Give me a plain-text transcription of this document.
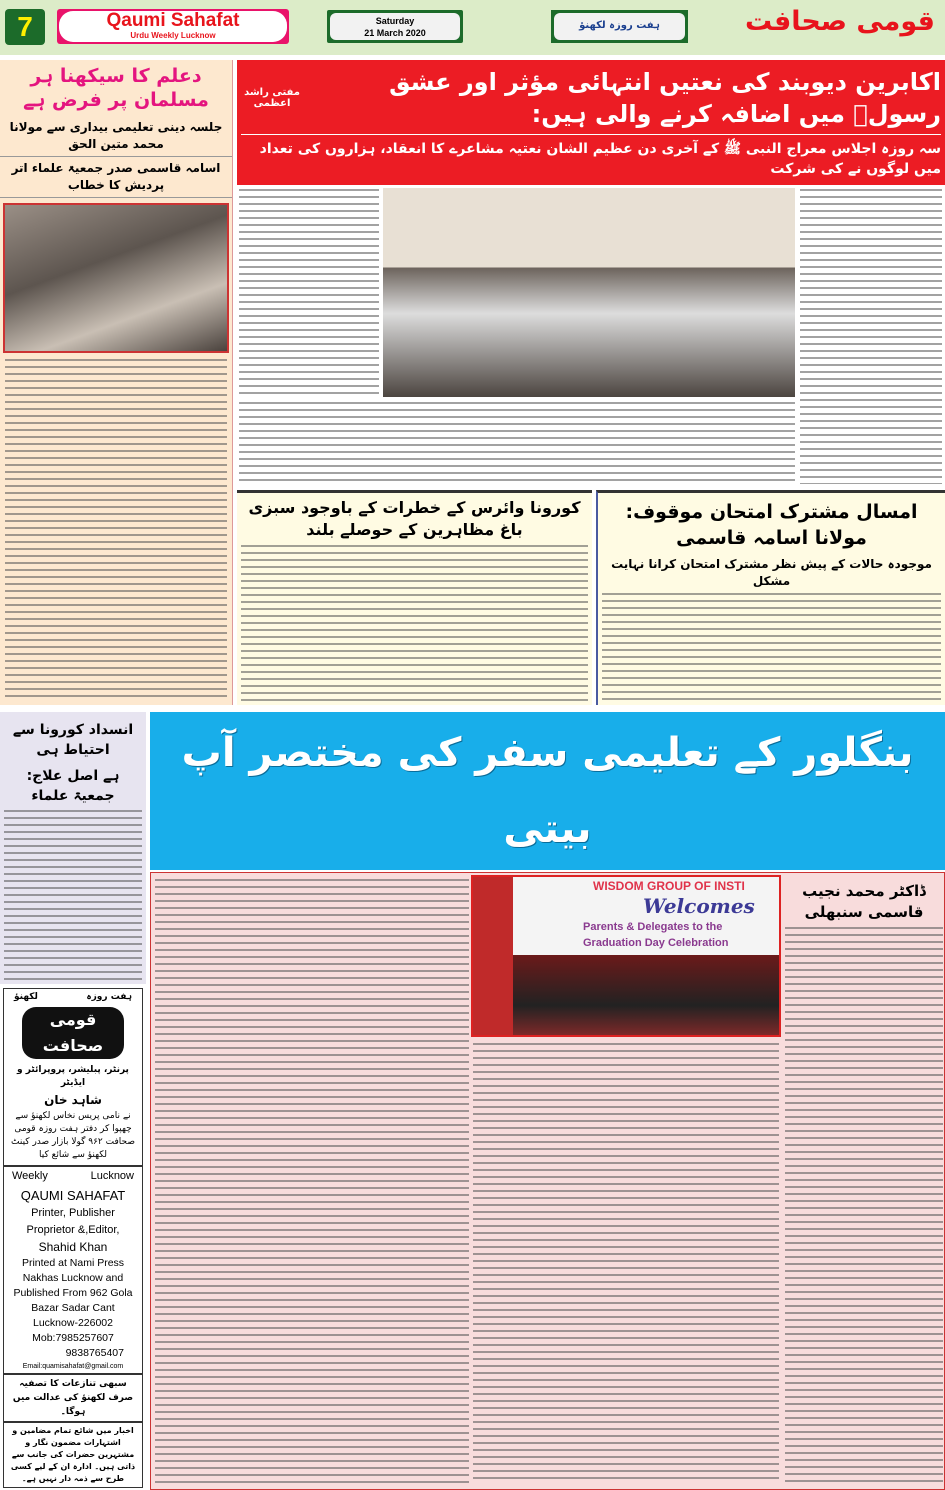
7	Qaumi Sahafat
Urdu Weekly Lucknow
Saturday
21 March 2020
ہفت روزہ لکھنؤ	قومی صحافت
دعلم کا سیکھنا ہر مسلمان پر فرض ہے
جلسہ دینی تعلیمی بیداری سے مولانا محمد متین الحق
اسامہ قاسمی صدر جمعیۃ علماء اتر پردیش کا خطاب
مفتی راشد اعظمی
اکابرین دیوبند کی نعتیں انتہائی مؤثر اور عشق رسولؐ میں اضافہ کرنے والی ہیں:
سہ روزہ اجلاس معراج النبی ﷺ کے آخری دن عظیم الشان نعتیہ مشاعرے کا انعقاد، ہزاروں کی تعداد میں لوگوں نے کی شرکت
کورونا وائرس کے خطرات کے باوجود سبزی باغ مظاہرین کے حوصلے بلند
امسال مشترک امتحان موقوف: مولانا اسامہ قاسمی
موجودہ حالات کے پیش نظر مشترک امتحان کرانا نہایت مشکل
انسداد کورونا سے احتیاط ہی
ہے اصل علاج: جمعیۃ علماء
ہفت روزہ
لکھنؤ
قومی صحافت
پرنٹر، پبلیشر، پروپرائٹر و ایڈیٹر
شاہد خان
نے نامی پریس نخاس لکھنؤ سے چھپوا کر دفتر ہفت روزہ قومی صحافت ۹۶۲ گولا بازار صدر کینٹ لکھنؤ سے شائع کیا
Weekly	Lucknow
QAUMI SAHAFAT
Printer, Publisher
Proprietor &,Editor,
Shahid Khan
Printed at Nami Press
Nakhas Lucknow and
Published From 962 Gola
Bazar Sadar Cant
Lucknow-226002
Mob:7985257607
9838765407
Email:quamisahafat@gmail.com
سبھی تنازعات کا تصفیہ صرف لکھنؤ کی عدالت میں ہوگا۔
اخبار میں شائع تمام مضامین و اشتہارات مضمون نگار و مشتہرین حضرات کی جانب سے ذاتی ہیں۔ ادارہ ان کے لیے کسی طرح سے ذمہ دار نہیں ہے۔
بنگلور کے تعلیمی سفر کی مختصر آپ بیتی
WISDOM GROUP OF INSTI
Welcomes
Parents & Delegates to the
Graduation Day Celebration
ڈاکٹر محمد نجیب قاسمی سنبھلی
